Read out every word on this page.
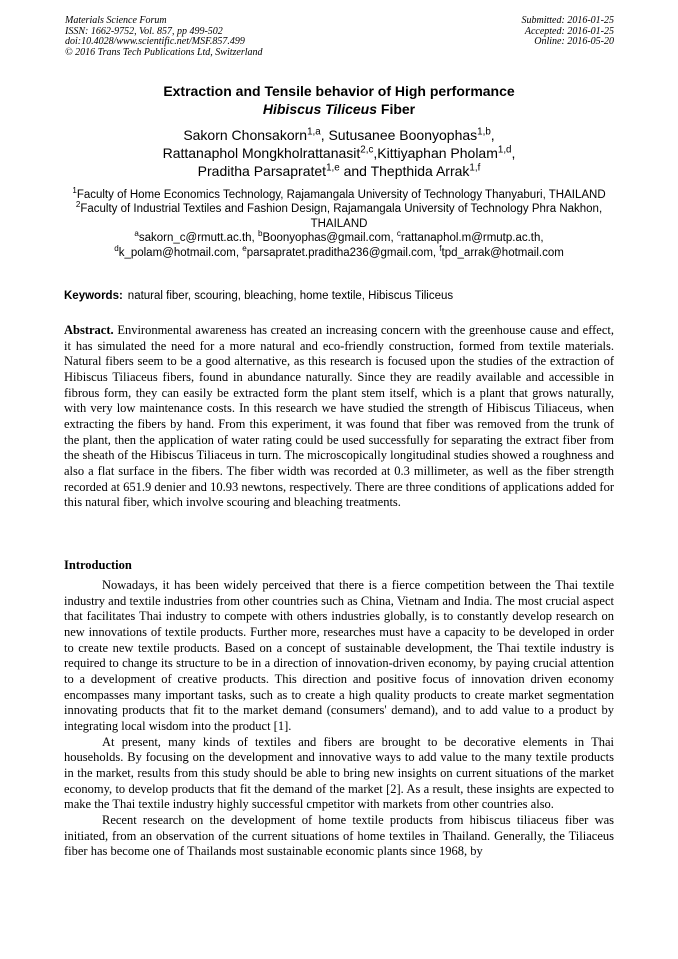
Materials Science Forum
ISSN: 1662-9752, Vol. 857, pp 499-502
doi:10.4028/www.scientific.net/MSF.857.499
© 2016 Trans Tech Publications Ltd, Switzerland
Submitted: 2016-01-25
Accepted: 2016-01-25
Online: 2016-05-20
Extraction and Tensile behavior of High performance
Hibiscus Tiliceus Fiber
Sakorn Chonsakorn$^{1,a}$, Sutusanee Boonyophas$^{1,b}$,
Rattanaphol Mongkholrattanasit$^{2,c}$,Kittiyaphan Pholam$^{1,d}$,
Praditha Parsapratet$^{1,e}$ and Thepthida Arrak$^{1,f}$
$^1$Faculty of Home Economics Technology, Rajamangala University of Technology Thanyaburi, THAILAND
$^2$Faculty of Industrial Textiles and Fashion Design, Rajamangala University of Technology Phra Nakhon, THAILAND
$^a$sakorn_c@rmutt.ac.th, $^b$Boonyophas@gmail.com, $^c$rattanaphol.m@rmutp.ac.th,
$^d$k_polam@hotmail.com, $^e$parsapratet.praditha236@gmail.com, $^f$tpd_arrak@hotmail.com
Keywords: natural fiber, scouring, bleaching, home textile, Hibiscus Tiliceus
Abstract. Environmental awareness has created an increasing concern with the greenhouse cause and effect, it has simulated the need for a more natural and eco-friendly construction, formed from textile materials. Natural fibers seem to be a good alternative, as this research is focused upon the studies of the extraction of Hibiscus Tiliaceus fibers, found in abundance naturally. Since they are readily available and accessible in fibrous form, they can easily be extracted form the plant stem itself, which is a plant that grows naturally, with very low maintenance costs. In this research we have studied the strength of Hibiscus Tiliaceus, when extracting the fibers by hand. From this experiment, it was found that fiber was removed from the trunk of the plant, then the application of water rating could be used successfully for separating the extract fiber from the sheath of the Hibiscus Tiliaceus in turn. The microscopically longitudinal studies showed a roughness and also a flat surface in the fibers. The fiber width was recorded at 0.3 millimeter, as well as the fiber strength recorded at 651.9 denier and 10.93 newtons, respectively. There are three conditions of applications added for this natural fiber, which involve scouring and bleaching treatments.
Introduction

Nowadays, it has been widely perceived that there is a fierce competition between the Thai textile industry and textile industries from other countries such as China, Vietnam and India. The most crucial aspect that facilitates Thai industry to compete with others industries globally, is to constantly develop research on new innovations of textile products. Further more, researches must have a capacity to be developed in order to create new textile products. Based on a concept of sustainable development, the Thai textile industry is required to change its structure to be in a direction of innovation-driven economy, by paying crucial attention to a development of creative products. This direction and positive focus of innovation driven economy encompasses many important tasks, such as to create a high quality products to create market segmentation innovating products that fit to the market demand (consumers' demand), and to add value to a product by integrating local wisdom into the product [1].

At present, many kinds of textiles and fibers are brought to be decorative elements in Thai households. By focusing on the development and innovative ways to add value to the many textile products in the market, results from this study should be able to bring new insights on current situations of the market economy, to develop products that fit the demand of the market [2]. As a result, these insights are expected to make the Thai textile industry highly successful cmpetitor with markets from other countries also.

Recent research on the development of home textile products from hibiscus tiliaceus fiber was initiated, from an observation of the current situations of home textiles in Thailand. Generally, the Tiliaceus fiber has become one of Thailands most sustainable economic plants since 1968, by
